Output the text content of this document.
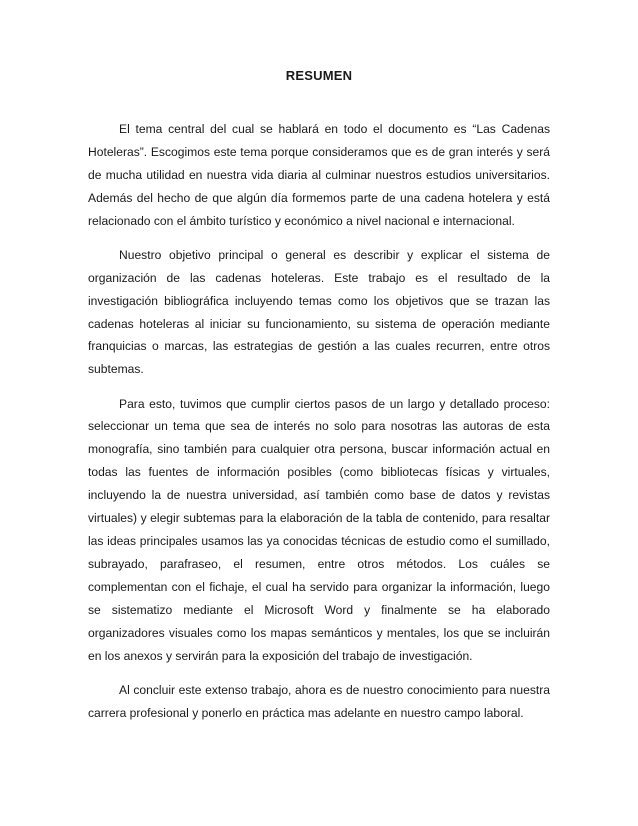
RESUMEN

El tema central del cual se hablará en todo el documento es “Las Cadenas Hoteleras”. Escogimos este tema porque consideramos que es de gran interés y será de mucha utilidad en nuestra vida diaria al culminar nuestros estudios universitarios. Además del hecho de que algún día formemos parte de una cadena hotelera y está relacionado con el ámbito turístico y económico a nivel nacional e internacional.

Nuestro objetivo principal o general es describir y explicar el sistema de organización de las cadenas hoteleras. Este trabajo es el resultado de la investigación bibliográfica incluyendo temas como los objetivos que se trazan las cadenas hoteleras al iniciar su funcionamiento, su sistema de operación mediante franquicias o marcas, las estrategias de gestión a las cuales recurren, entre otros subtemas.

Para esto, tuvimos que cumplir ciertos pasos de un largo y detallado proceso: seleccionar un tema que sea de interés no solo para nosotras las autoras de esta monografía, sino también para cualquier otra persona, buscar información actual en todas las fuentes de información posibles (como bibliotecas físicas y virtuales, incluyendo la de nuestra universidad, así también como base de datos y revistas virtuales) y elegir subtemas para la elaboración de la tabla de contenido, para resaltar las ideas principales usamos las ya conocidas técnicas de estudio como el sumillado, subrayado, parafraseo, el resumen, entre otros métodos. Los cuáles se complementan con el fichaje, el cual ha servido para organizar la información, luego se sistematizo mediante el Microsoft Word y finalmente se ha elaborado organizadores visuales como los mapas semánticos y mentales, los que se incluirán en los anexos y servirán para la exposición del trabajo de investigación.

Al concluir este extenso trabajo, ahora es de nuestro conocimiento para nuestra carrera profesional y ponerlo en práctica mas adelante en nuestro campo laboral.
